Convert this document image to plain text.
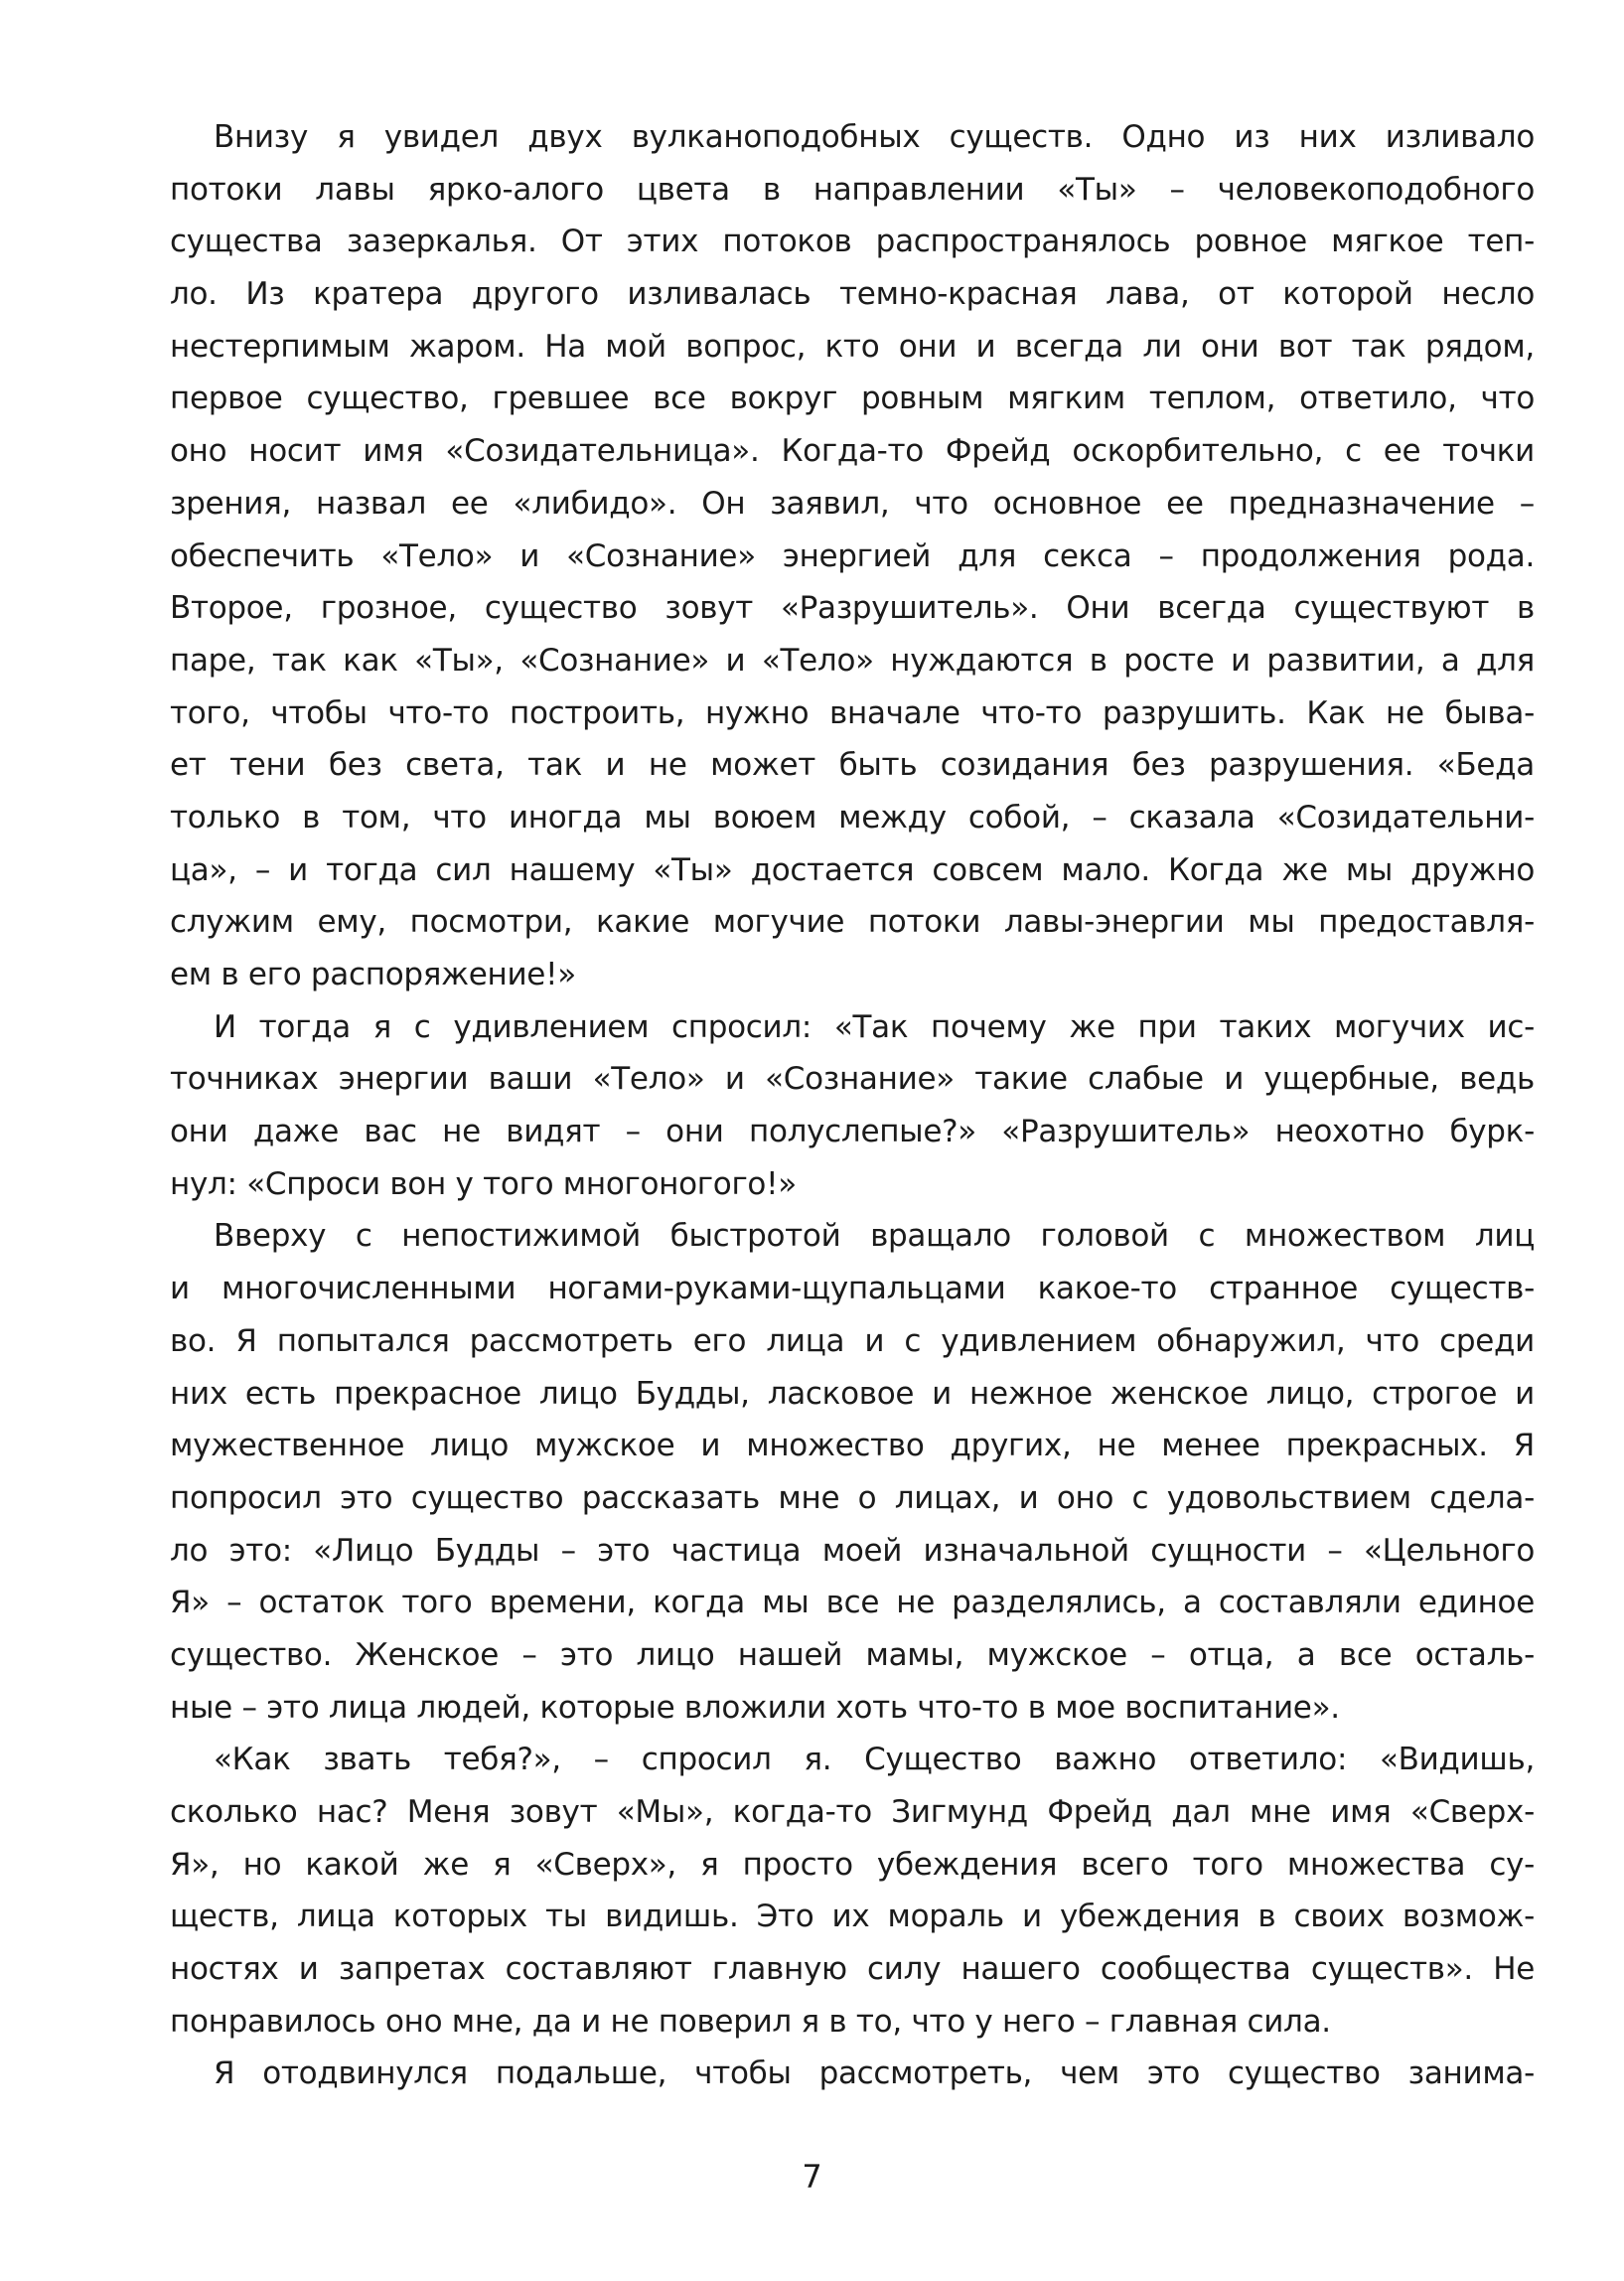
Внизу я увидел двух вулканоподобных существ. Одно из них изливало
потоки лавы ярко-алого цвета в направлении «Ты» – человекоподобного
существа зазеркалья. От этих потоков распространялось ровное мягкое теп-
ло. Из кратера другого изливалась темно-красная лава, от которой несло
нестерпимым жаром. На мой вопрос, кто они и всегда ли они вот так рядом,
первое существо, гревшее все вокруг ровным мягким теплом, ответило, что
оно носит имя «Созидательница». Когда-то Фрейд оскорбительно, с ее точки
зрения, назвал ее «либидо». Он заявил, что основное ее предназначение –
обеспечить «Тело» и «Сознание» энергией для секса – продолжения рода.
Второе, грозное, существо зовут «Разрушитель». Они всегда существуют в
паре, так как «Ты», «Сознание» и «Тело» нуждаются в росте и развитии, а для
того, чтобы что-то построить, нужно вначале что-то разрушить. Как не быва-
ет тени без света, так и не может быть созидания без разрушения. «Беда
только в том, что иногда мы воюем между собой, – сказала «Созидательни-
ца», – и тогда сил нашему «Ты» достается совсем мало. Когда же мы дружно
служим ему, посмотри, какие могучие потоки лавы-энергии мы предоставля-
ем в его распоряжение!»
И тогда я с удивлением спросил: «Так почему же при таких могучих ис-
точниках энергии ваши «Тело» и «Сознание» такие слабые и ущербные, ведь
они даже вас не видят – они полуслепые?» «Разрушитель» неохотно бурк-
нул: «Спроси вон у того многоногого!»
Вверху с непостижимой быстротой вращало головой с множеством лиц
и многочисленными ногами-руками-щупальцами какое-то странное существ-
во. Я попытался рассмотреть его лица и с удивлением обнаружил, что среди
них есть прекрасное лицо Будды, ласковое и нежное женское лицо, строгое и
мужественное лицо мужское и множество других, не менее прекрасных. Я
попросил это существо рассказать мне о лицах, и оно с удовольствием сдела-
ло это: «Лицо Будды – это частица моей изначальной сущности – «Цельного
Я» – остаток того времени, когда мы все не разделялись, а составляли единое
существо. Женское – это лицо нашей мамы, мужское – отца, а все осталь-
ные – это лица людей, которые вложили хоть что-то в мое воспитание».
«Как звать тебя?», – спросил я. Существо важно ответило: «Видишь,
сколько нас? Меня зовут «Мы», когда-то Зигмунд Фрейд дал мне имя «Сверх-
Я», но какой же я «Сверх», я просто убеждения всего того множества су-
ществ, лица которых ты видишь. Это их мораль и убеждения в своих возмож-
ностях и запретах составляют главную силу нашего сообщества существ». Не
понравилось оно мне, да и не поверил я в то, что у него – главная сила.
Я отодвинулся подальше, чтобы рассмотреть, чем это существо занима-
7
